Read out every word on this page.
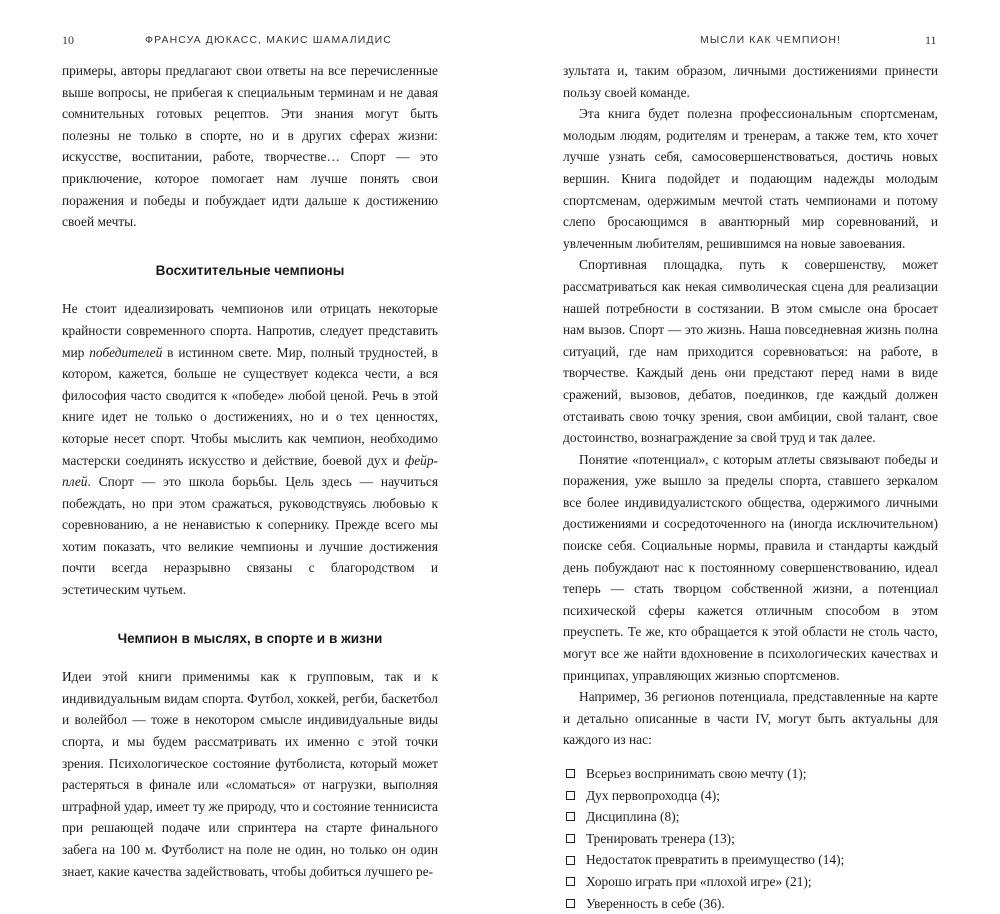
10	ФРАНСУА ДЮКАСС, МАКИС ШАМАЛИДИС

примеры, авторы предлагают свои ответы на все перечисленные выше вопросы, не прибегая к специальным терминам и не давая сомнительных готовых рецептов. Эти знания могут быть полезны не только в спорте, но и в других сферах жизни: искусстве, воспитании, работе, творчестве… Спорт — это приключение, которое помогает нам лучше понять свои поражения и победы и побуждает идти дальше к достижению своей мечты.

Восхитительные чемпионы

Не стоит идеализировать чемпионов или отрицать некоторые крайности современного спорта. Напротив, следует представить мир победителей в истинном свете. Мир, полный трудностей, в котором, кажется, больше не существует кодекса чести, а вся философия часто сводится к «победе» любой ценой. Речь в этой книге идет не только о достижениях, но и о тех ценностях, которые несет спорт. Чтобы мыслить как чемпион, необходимо мастерски соединять искусство и действие, боевой дух и фейр-плей. Спорт — это школа борьбы. Цель здесь — научиться побеждать, но при этом сражаться, руководствуясь любовью к соревнованию, а не ненавистью к сопернику. Прежде всего мы хотим показать, что великие чемпионы и лучшие достижения почти всегда неразрывно связаны с благородством и эстетическим чутьем.

Чемпион в мыслях, в спорте и в жизни

Идеи этой книги применимы как к групповым, так и к индивидуальным видам спорта. Футбол, хоккей, регби, баскетбол и волейбол — тоже в некотором смысле индивидуальные виды спорта, и мы будем рассматривать их именно с этой точки зрения. Психологическое состояние футболиста, который может растеряться в финале или «сломаться» от нагрузки, выполняя штрафной удар, имеет ту же природу, что и состояние теннисиста при решающей подаче или спринтера на старте финального забега на 100 м. Футболист на поле не один, но только он один знает, какие качества задействовать, чтобы добиться лучшего ре-

МЫСЛИ КАК ЧЕМПИОН!	11

зультата и, таким образом, личными достижениями принести пользу своей команде.

Эта книга будет полезна профессиональным спортсменам, молодым людям, родителям и тренерам, а также тем, кто хочет лучше узнать себя, самосовершенствоваться, достичь новых вершин. Книга подойдет и подающим надежды молодым спортсменам, одержимым мечтой стать чемпионами и потому слепо бросающимся в авантюрный мир соревнований, и увлеченным любителям, решившимся на новые завоевания.

Спортивная площадка, путь к совершенству, может рассматриваться как некая символическая сцена для реализации нашей потребности в состязании. В этом смысле она бросает нам вызов. Спорт — это жизнь. Наша повседневная жизнь полна ситуаций, где нам приходится соревноваться: на работе, в творчестве. Каждый день они предстают перед нами в виде сражений, вызовов, дебатов, поединков, где каждый должен отстаивать свою точку зрения, свои амбиции, свой талант, свое достоинство, вознаграждение за свой труд и так далее.

Понятие «потенциал», с которым атлеты связывают победы и поражения, уже вышло за пределы спорта, ставшего зеркалом все более индивидуалистского общества, одержимого личными достижениями и сосредоточенного на (иногда исключительном) поиске себя. Социальные нормы, правила и стандарты каждый день побуждают нас к постоянному совершенствованию, идеал теперь — стать творцом собственной жизни, а потенциал психической сферы кажется отличным способом в этом преуспеть. Те же, кто обращается к этой области не столь часто, могут все же найти вдохновение в психологических качествах и принципах, управляющих жизнью спортсменов.

Например, 36 регионов потенциала, представленные на карте и детально описанные в части IV, могут быть актуальны для каждого из нас:

Всерьез воспринимать свою мечту (1);
Дух первопроходца (4);
Дисциплина (8);
Тренировать тренера (13);
Недостаток превратить в преимущество (14);
Хорошо играть при «плохой игре» (21);
Уверенность в себе (36).
